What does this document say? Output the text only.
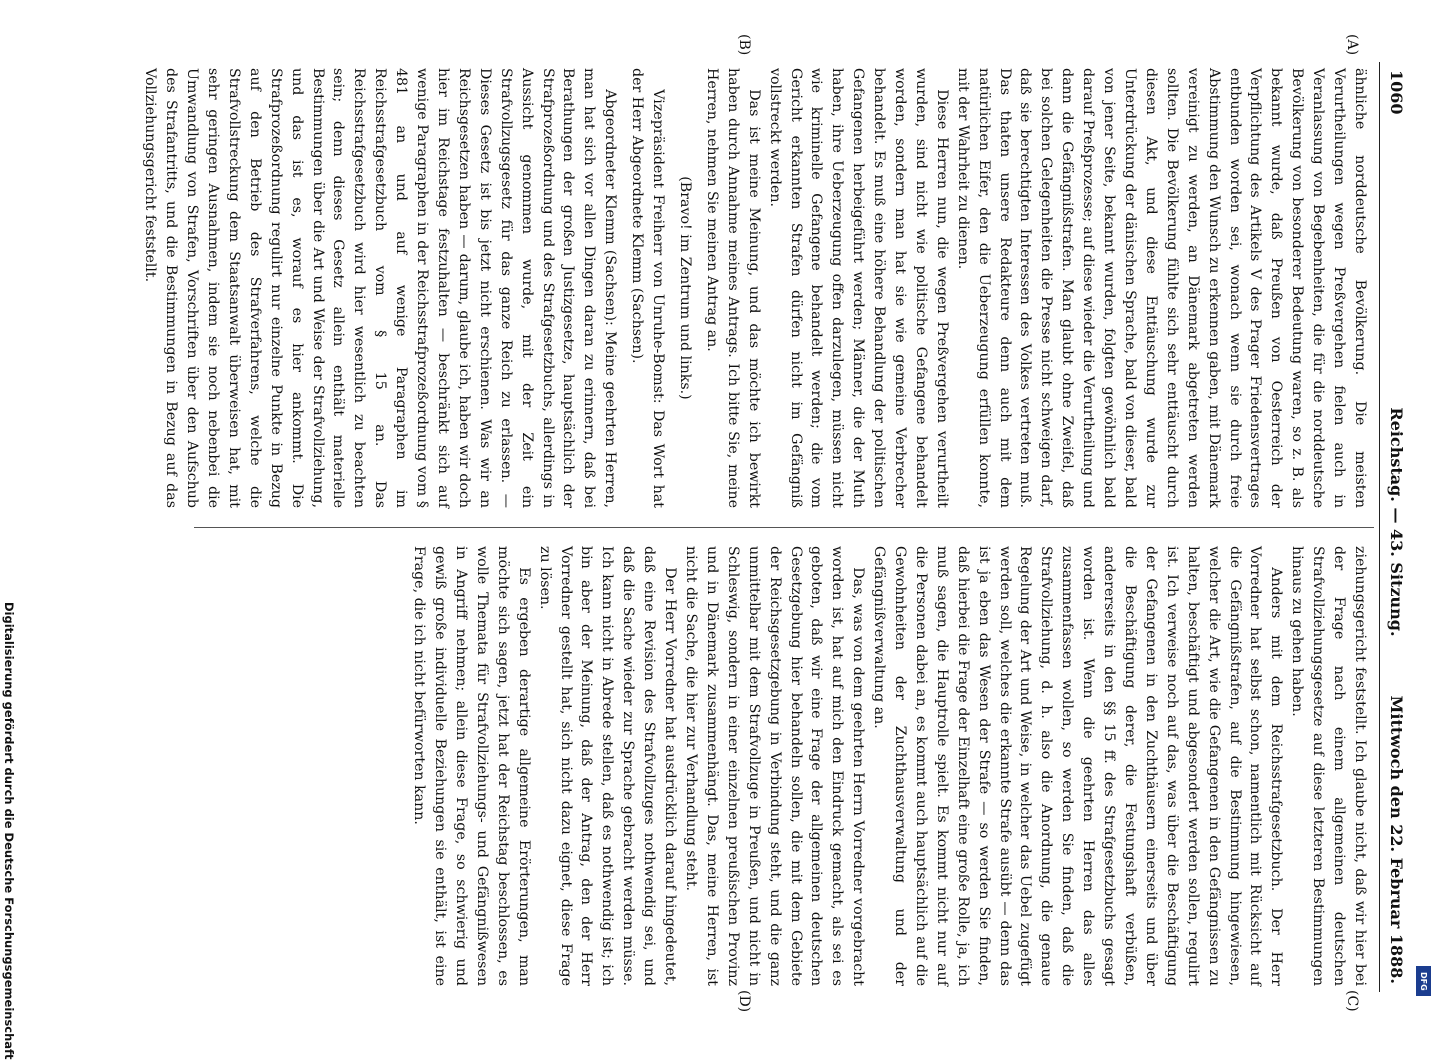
1060
Reichstag. — 43. Sitzung.
Mittwoch den 22. Februar 1888.
(A)
(B)
(C)
(D)

ähnliche norddeutsche Bevölkerung. Die meisten Verurtheilungen wegen Preßvergehen fielen auch in Veranlassung von Begebenheiten, die für die norddeutsche Bevölkerung von besonderer Bedeutung waren, so z. B. als bekannt wurde, daß Preußen von Oesterreich der Verpflichtung des Artikels V des Prager Friedensvertrages entbunden worden sei, wonach wenn sie durch freie Abstimmung den Wunsch zu erkennen gaben, mit Dänemark vereinigt zu werden, an Dänemark abgetreten werden sollten. Die Bevölkerung fühlte sich sehr enttäuscht durch diesen Akt, und diese Enttäuschung wurde zur Unterdrückung der dänischen Sprache, bald von dieser, bald von jener Seite, bekannt wurden, folgten gewöhnlich bald darauf Preßprozesse; auf diese wieder die Verurtheilung und dann die Gefängnißstrafen. Man glaubt ohne Zweifel, daß bei solchen Gelegenheiten die Presse nicht schweigen darf, daß sie berechtigten Interessen des Volkes vertreten muß. Das thaten unsere Redakteure denn auch mit dem natürlichen Eifer, den die Ueberzeugung erfüllen konnte, mit der Wahrheit zu dienen.

Diese Herren nun, die wegen Preßvergehen verurtheilt wurden, sind nicht wie politische Gefangene behandelt worden, sondern man hat sie wie gemeine Verbrecher behandelt. Es muß eine höhere Behandlung der politischen Gefangenen herbeigeführt werden; Männer, die der Muth haben, ihre Ueberzeugung offen darzulegen, müssen nicht wie kriminelle Gefangene behandelt werden; die vom Gericht erkannten Strafen dürfen nicht im Gefängniß vollstreckt werden.

Das ist meine Meinung, und das möchte ich bewirkt haben durch Annahme meines Antrags. Ich bitte Sie, meine Herren, nehmen Sie meinen Antrag an.

(Bravo! im Zentrum und links.)

Vizepräsident Freiherr von Unruhe-Bomst: Das Wort hat der Herr Abgeordnete Klemm (Sachsen).

Abgeordneter Klemm (Sachsen): Meine geehrten Herren, man hat sich vor allen Dingen daran zu erinnern, daß bei Berathungen der großen Justizgesetze, hauptsächlich der Strafprozeßordnung und des Strafgesetzbuchs, allerdings in Aussicht genommen wurde, mit der Zeit ein Strafvollzugsgesetz für das ganze Reich zu erlassen. — Dieses Gesetz ist bis jetzt nicht erschienen. Was wir an Reichsgesetzen haben — darum, glaube ich, haben wir doch hier im Reichstage festzuhalten — beschränkt sich auf wenige Paragraphen in der Reichsstrafprozeßordnung vom § 481 an und auf wenige Paragraphen im Reichsstrafgesetzbuch vom § 15 an. Das Reichsstrafgesetzbuch wird hier wesentlich zu beachten sein; denn dieses Gesetz allein enthält materielle Bestimmungen über die Art und Weise der Strafvollziehung, und das ist es, worauf es hier ankommt. Die Strafprozeßordnung regulirt nur einzelne Punkte in Bezug auf den Betrieb des Strafverfahrens, welche die Strafvollstreckung dem Staatsanwalt überweisen hat, mit sehr geringen Ausnahmen, indem sie noch nebenbei die Umwandlung von Strafen, Vorschriften über den Aufschub des Strafantritts, und die Bestimmungen in Bezug auf das Vollziehungsgericht feststellt.

ziehungsgericht feststellt. Ich glaube nicht, daß wir hier bei der Frage nach einem allgemeinen deutschen Strafvollziehungsgesetze auf diese letzteren Bestimmungen hinaus zu gehen haben.

Anders mit dem Reichsstrafgesetzbuch. Der Herr Vorredner hat selbst schon, namentlich mit Rücksicht auf die Gefängnißstrafen, auf die Bestimmung hingewiesen, welcher die Art, wie die Gefangenen in den Gefängnissen zu halten, beschäftigt und abgesondert werden sollen, regulirt ist. Ich verweise noch auf das, was über die Beschäftigung der Gefangenen in den Zuchthäusern einerseits und über die Beschäftigung derer, die Festungshaft verbüßen, andererseits in den §§ 15 ff. des Strafgesetzbuchs gesagt worden ist. Wenn die geehrten Herren das alles zusammenfassen wollen, so werden Sie finden, daß die Strafvollziehung, d. h. also die Anordnung, die genaue Regelung der Art und Weise, in welcher das Uebel zugefügt werden soll, welches die erkannte Strafe ausübt — denn das ist ja eben das Wesen der Strafe — so werden Sie finden, daß hierbei die Frage der Einzelhaft eine große Rolle, ja, ich muß sagen, die Hauptrolle spielt. Es kommt nicht nur auf die Personen dabei an, es kommt auch hauptsächlich auf die Gewohnheiten der Zuchthausverwaltung und der Gefängnißverwaltung an.

Das, was von dem geehrten Herrn Vorredner vorgebracht worden ist, hat auf mich den Eindruck gemacht, als sei es geboten, daß wir eine Frage der allgemeinen deutschen Gesetzgebung hier behandeln sollen, die mit dem Gebiete der Reichsgesetzgebung in Verbindung steht, und die ganz unmittelbar mit dem Strafvollzuge in Preußen, und nicht in Schleswig, sondern in einer einzelnen preußischen Provinz und in Dänemark zusammenhängt. Das, meine Herren, ist nicht die Sache, die hier zur Verhandlung steht.

Der Herr Vorredner hat ausdrücklich darauf hingedeutet, daß eine Revision des Strafvollzuges nothwendig sei, und daß die Sache wieder zur Sprache gebracht werden müsse. Ich kann nicht in Abrede stellen, daß es nothwendig ist; ich bin aber der Meinung, daß der Antrag, den der Herr Vorredner gestellt hat, sich nicht dazu eignet, diese Frage zu lösen.

Es ergeben derartige allgemeine Erörterungen, man möchte sich sagen, jetzt hat der Reichstag beschlossen, es wolle Themata für Strafvollziehungs- und Gefängnißwesen in Angriff nehmen; allein diese Frage, so schwierig und gewiß große individuelle Beziehungen sie enthält, ist eine Frage, die ich nicht befürworten kann.

Digitalisierung gefördert durch die Deutsche Forschungsgemeinschaft	DFG
